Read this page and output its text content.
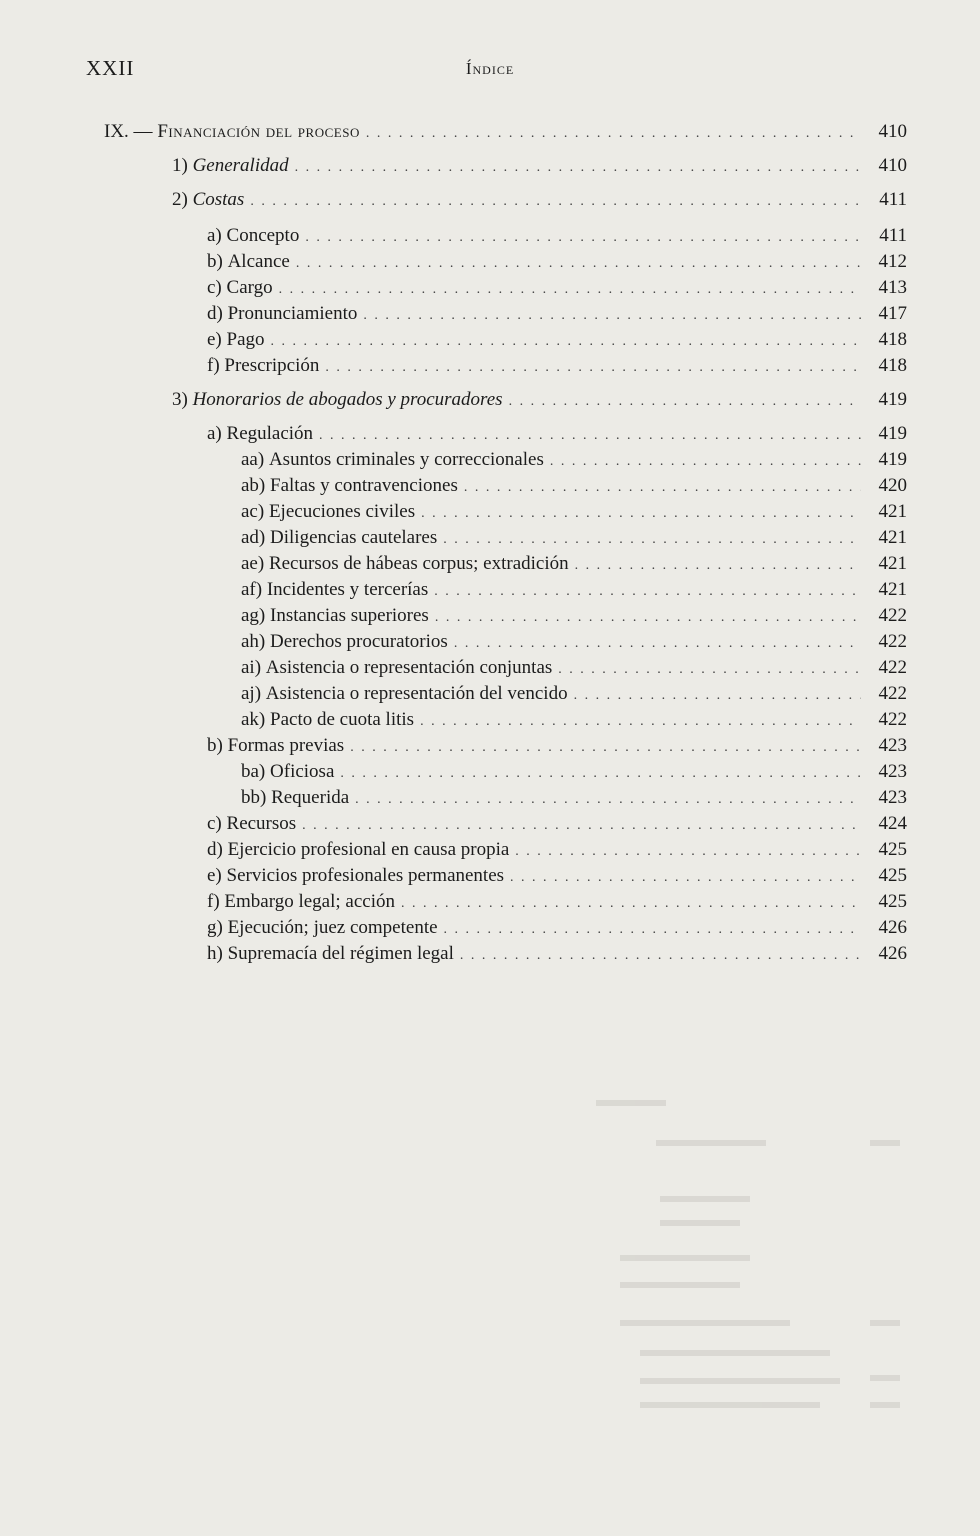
XXII	Índice
IX. — Financiación del proceso . . .	410
1) Generalidad . . .	410
2) Costas . . .	411
a) Concepto . . .	411
b) Alcance . . .	412
c) Cargo . . .	413
d) Pronunciamiento . . .	417
e) Pago . . .	418
f) Prescripción . . .	418
3) Honorarios de abogados y procuradores . . .	419
a) Regulación . . .	419
aa) Asuntos criminales y correccionales . . .	419
ab) Faltas y contravenciones . . .	420
ac) Ejecuciones civiles . . .	421
ad) Diligencias cautelares . . .	421
ae) Recursos de hábeas corpus; extradición . . .	421
af) Incidentes y tercerías . . .	421
ag) Instancias superiores . . .	422
ah) Derechos procuratorios . . .	422
ai) Asistencia o representación conjuntas . . .	422
aj) Asistencia o representación del vencido . . .	422
ak) Pacto de cuota litis . . .	422
b) Formas previas . . .	423
ba) Oficiosa . . .	423
bb) Requerida . . .	423
c) Recursos . . .	424
d) Ejercicio profesional en causa propia . . .	425
e) Servicios profesionales permanentes . . .	425
f) Embargo legal; acción . . .	425
g) Ejecución; juez competente . . .	426
h) Supremacía del régimen legal . . .	426
